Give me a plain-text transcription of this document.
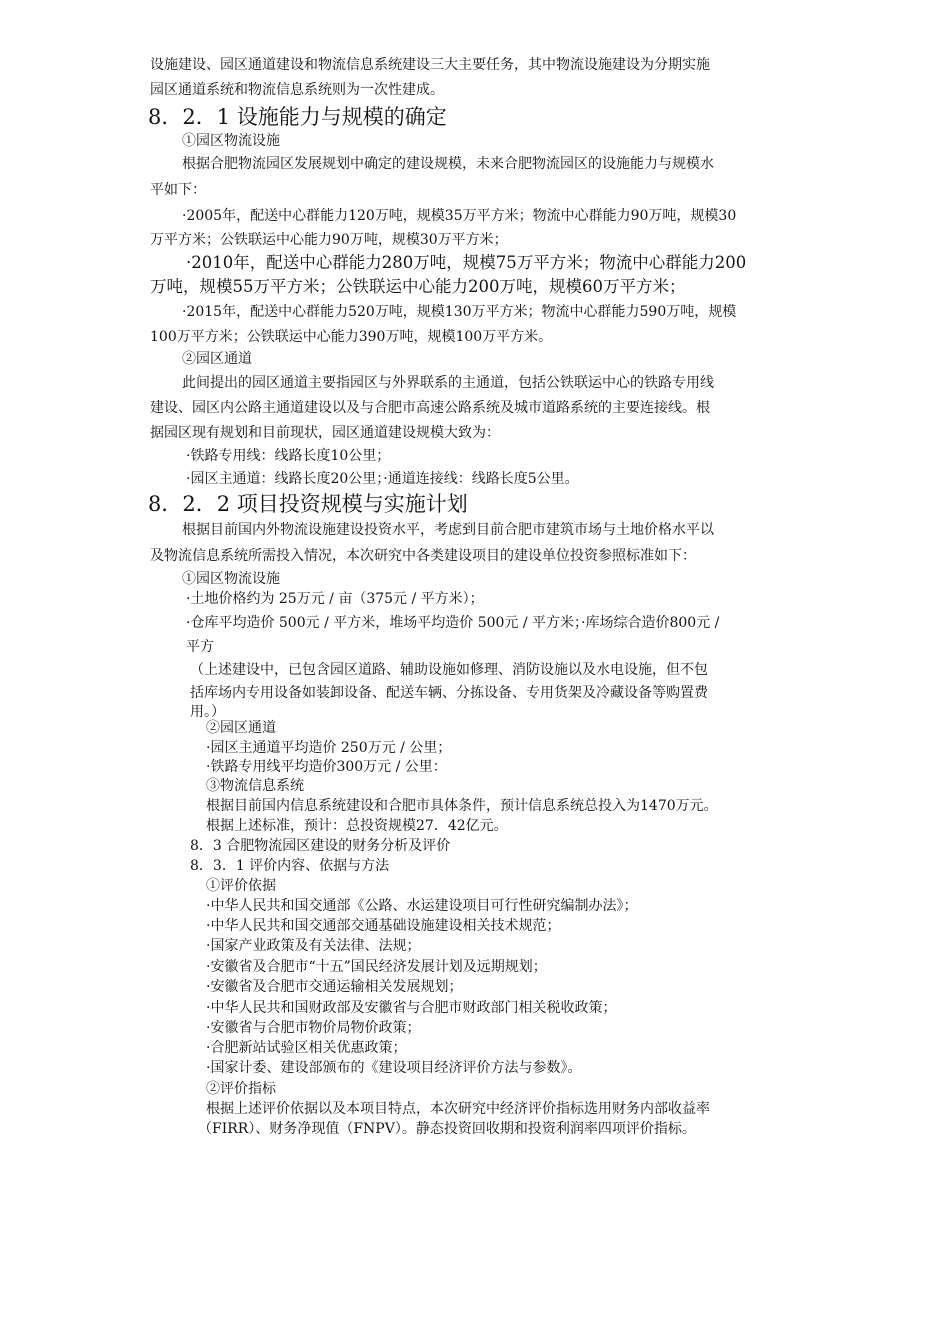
设施建设、园区通道建设和物流信息系统建设三大主要任务，其中物流设施建设为分期实施
园区通道系统和物流信息系统则为一次性建成。
8．2．1 设施能力与规模的确定
①园区物流设施
根据合肥物流园区发展规划中确定的建设规模，未来合肥物流园区的设施能力与规模水
平如下：
·2005年，配送中心群能力120万吨，规模35万平方米；物流中心群能力90万吨，规模30
万平方米；公铁联运中心能力90万吨，规模30万平方米；
·2010年，配送中心群能力280万吨，规模75万平方米；物流中心群能力200
万吨，规模55万平方米；公铁联运中心能力200万吨，规模60万平方米；
·2015年，配送中心群能力520万吨，规模130万平方米；物流中心群能力590万吨，规模
100万平方米；公铁联运中心能力390万吨，规模100万平方米。
②园区通道
此间提出的园区通道主要指园区与外界联系的主通道，包括公铁联运中心的铁路专用线
建设、园区内公路主通道建设以及与合肥市高速公路系统及城市道路系统的主要连接线。根
据园区现有规划和目前现状，园区通道建设规模大致为：
·铁路专用线：线路长度10公里；
·园区主通道：线路长度20公里；·通道连接线：线路长度5公里。
8．2．2 项目投资规模与实施计划
根据目前国内外物流设施建设投资水平，考虑到目前合肥市建筑市场与土地价格水平以
及物流信息系统所需投入情况，本次研究中各类建设项目的建设单位投资参照标准如下：
①园区物流设施
·土地价格约为 25万元 / 亩（375元 / 平方米）；
·仓库平均造价 500元 / 平方米，堆场平均造价 500元 / 平方米；·库场综合造价800元 /
平方
（上述建设中，已包含园区道路、辅助设施如修理、消防设施以及水电设施，但不包
括库场内专用设备如装卸设备、配送车辆、分拣设备、专用货架及冷藏设备等购置费
用。）
②园区通道
·园区主通道平均造价 250万元 / 公里；
·铁路专用线平均造价300万元 / 公里：
③物流信息系统
根据目前国内信息系统建设和合肥市具体条件，预计信息系统总投入为1470万元。
根据上述标准，预计：总投资规模27．42亿元。
8．3 合肥物流园区建设的财务分析及评价
8．3．1 评价内容、依据与方法
①评价依据
·中华人民共和国交通部《公路、水运建设项目可行性研究编制办法》；
·中华人民共和国交通部交通基础设施建设相关技术规范；
·国家产业政策及有关法律、法规；
·安徽省及合肥市“十五”国民经济发展计划及远期规划；
·安徽省及合肥市交通运输相关发展规划；
·中华人民共和国财政部及安徽省与合肥市财政部门相关税收政策；
·安徽省与合肥市物价局物价政策；
·合肥新站试验区相关优惠政策；
·国家计委、建设部颁布的《建设项目经济评价方法与参数》。
②评价指标
根据上述评价依据以及本项目特点，本次研究中经济评价指标选用财务内部收益率
（FIRR）、财务净现值（FNPV）。静态投资回收期和投资利润率四项评价指标。
